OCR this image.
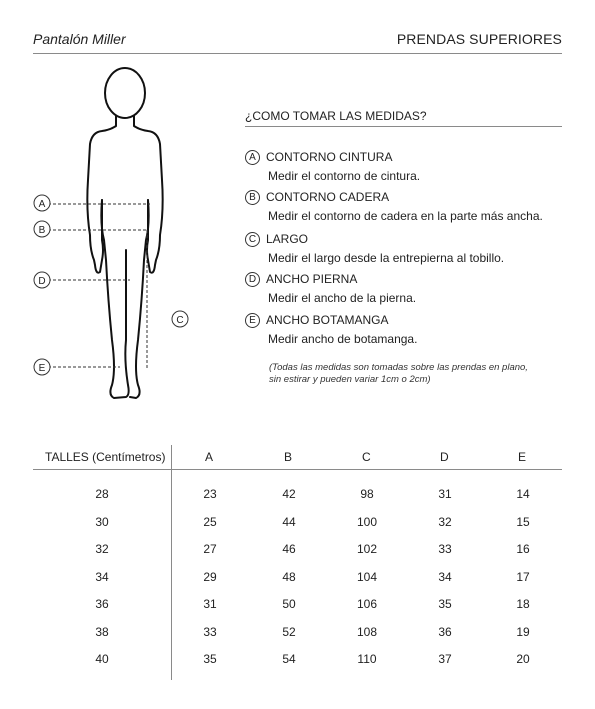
Pantalón Miller	PRENDAS SUPERIORES
A
B
D
E
C
¿COMO TOMAR LAS MEDIDAS?
A CONTORNO CINTURA
Medir el contorno de cintura.
B CONTORNO CADERA
Medir el contorno de cadera en la parte más ancha.
C LARGO
Medir el largo desde la entrepierna al tobillo.
D ANCHO PIERNA
Medir el ancho de la pierna.
E ANCHO BOTAMANGA
Medir ancho de botamanga.
(Todas las medidas son tomadas sobre las prendas en plano,
sin estirar y pueden variar 1cm o 2cm)
TALLES (Centímetros)	A	B	C	D	E
28	23	42	98	31	14
30	25	44	100	32	15
32	27	46	102	33	16
34	29	48	104	34	17
36	31	50	106	35	18
38	33	52	108	36	19
40	35	54	110	37	20
